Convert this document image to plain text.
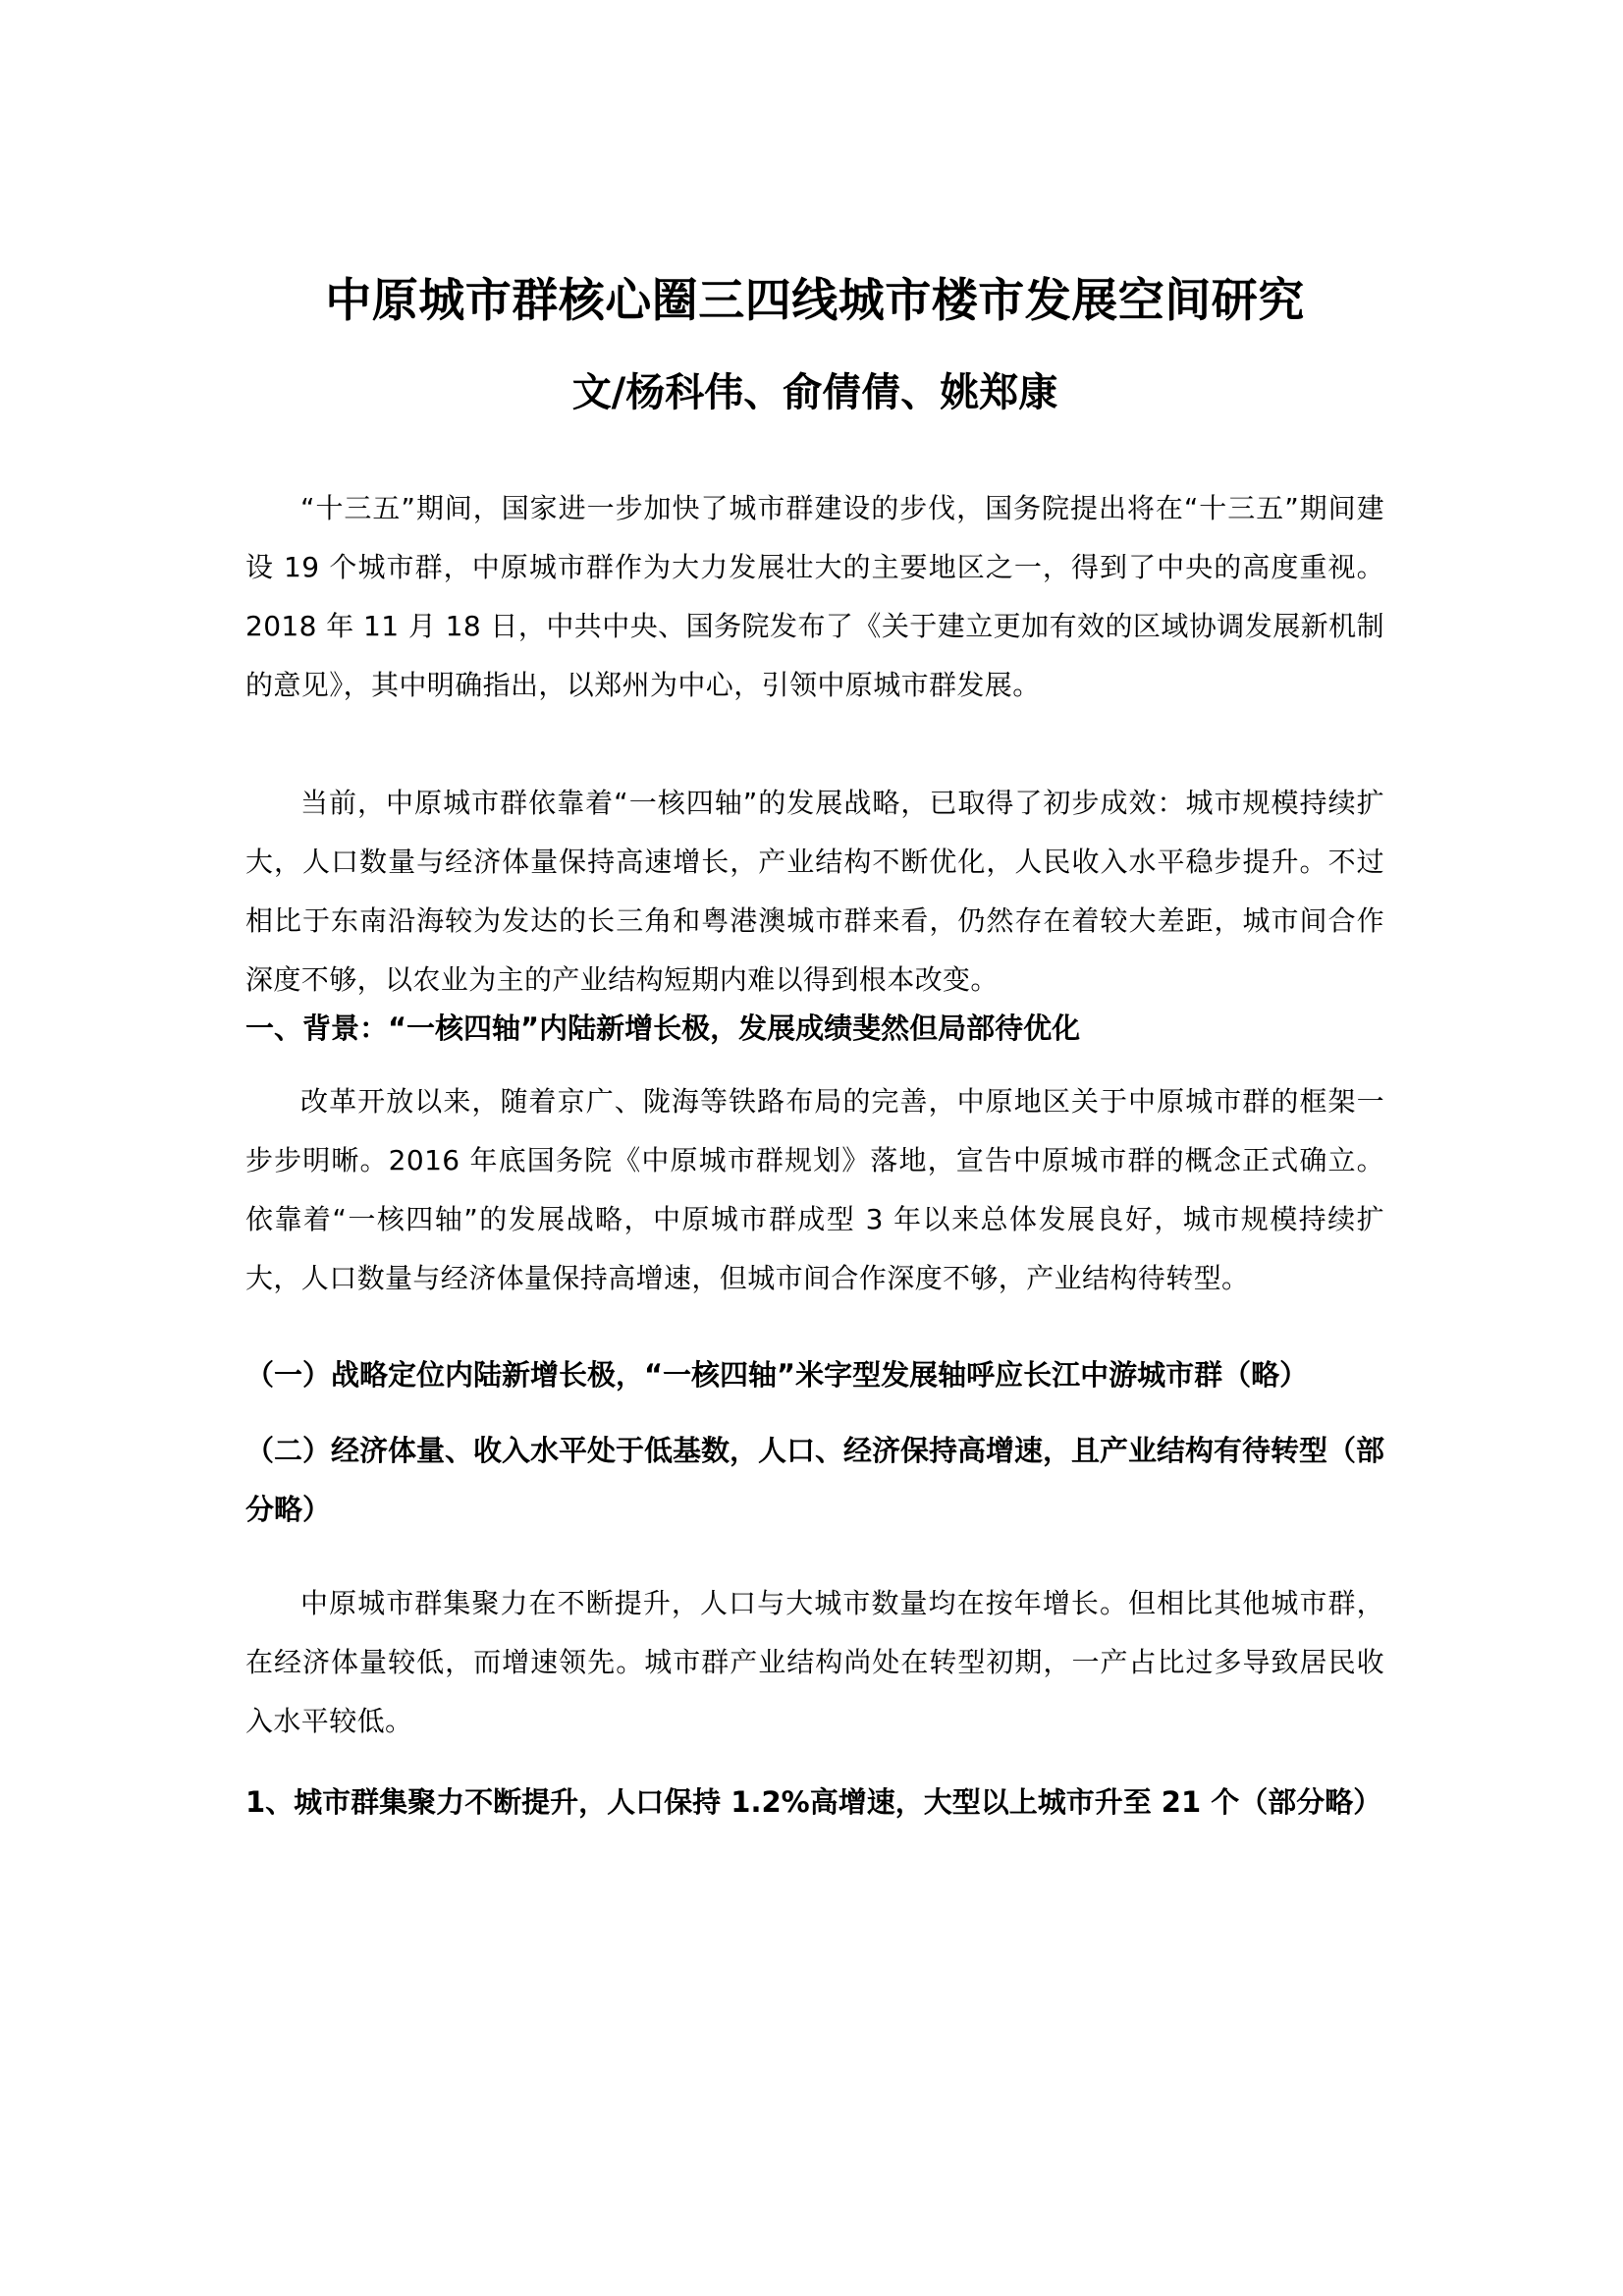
中原城市群核心圈三四线城市楼市发展空间研究
文/杨科伟、俞倩倩、姚郑康

“十三五”期间，国家进一步加快了城市群建设的步伐，国务院提出将在“十三五”期间建设 19 个城市群，中原城市群作为大力发展壮大的主要地区之一，得到了中央的高度重视。2018 年 11 月 18 日，中共中央、国务院发布了《关于建立更加有效的区域协调发展新机制的意见》，其中明确指出，以郑州为中心，引领中原城市群发展。

当前，中原城市群依靠着“一核四轴”的发展战略，已取得了初步成效：城市规模持续扩大，人口数量与经济体量保持高速增长，产业结构不断优化，人民收入水平稳步提升。不过相比于东南沿海较为发达的长三角和粤港澳城市群来看，仍然存在着较大差距，城市间合作深度不够，以农业为主的产业结构短期内难以得到根本改变。

一、背景：“一核四轴”内陆新增长极，发展成绩斐然但局部待优化

改革开放以来，随着京广、陇海等铁路布局的完善，中原地区关于中原城市群的框架一步步明晰。2016 年底国务院《中原城市群规划》落地，宣告中原城市群的概念正式确立。依靠着“一核四轴”的发展战略，中原城市群成型 3 年以来总体发展良好，城市规模持续扩大，人口数量与经济体量保持高增速，但城市间合作深度不够，产业结构待转型。

（一）战略定位内陆新增长极，“一核四轴”米字型发展轴呼应长江中游城市群（略）
（二）经济体量、收入水平处于低基数，人口、经济保持高增速，且产业结构有待转型（部分略）

中原城市群集聚力在不断提升，人口与大城市数量均在按年增长。但相比其他城市群，在经济体量较低，而增速领先。城市群产业结构尚处在转型初期，一产占比过多导致居民收入水平较低。

1、城市群集聚力不断提升，人口保持 1.2%高增速，大型以上城市升至 21 个（部分略）
